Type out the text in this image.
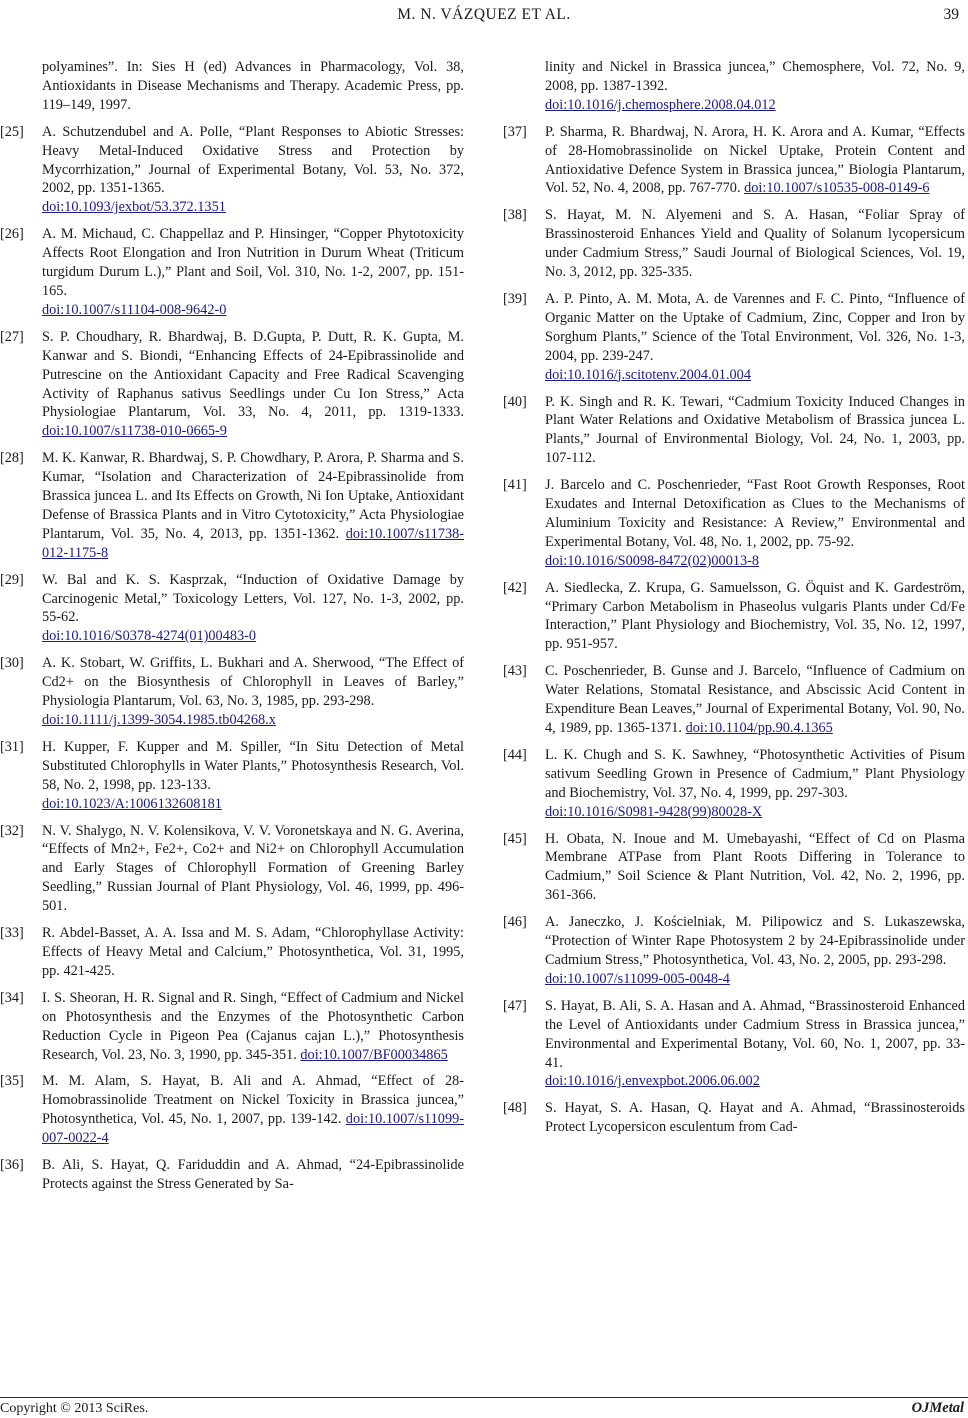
M. N. VÁZQUEZ ET AL.	39
polyamines”. In: Sies H (ed) Advances in Pharmacology, Vol. 38, Antioxidants in Disease Mechanisms and Therapy. Academic Press, pp. 119–149, 1997.
[25] A. Schutzendubel and A. Polle, “Plant Responses to Abiotic Stresses: Heavy Metal-Induced Oxidative Stress and Protection by Mycorrhization,” Journal of Experimental Botany, Vol. 53, No. 372, 2002, pp. 1351-1365.
doi:10.1093/jexbot/53.372.1351
[26] A. M. Michaud, C. Chappellaz and P. Hinsinger, “Copper Phytotoxicity Affects Root Elongation and Iron Nutrition in Durum Wheat (Triticum turgidum Durum L.),” Plant and Soil, Vol. 310, No. 1-2, 2007, pp. 151-165.
doi:10.1007/s11104-008-9642-0
[27] S. P. Choudhary, R. Bhardwaj, B. D.Gupta, P. Dutt, R. K. Gupta, M. Kanwar and S. Biondi, “Enhancing Effects of 24-Epibrassinolide and Putrescine on the Antioxidant Capacity and Free Radical Scavenging Activity of Raphanus sativus Seedlings under Cu Ion Stress,” Acta Physiologiae Plantarum, Vol. 33, No. 4, 2011, pp. 1319-1333. doi:10.1007/s11738-010-0665-9
[28] M. K. Kanwar, R. Bhardwaj, S. P. Chowdhary, P. Arora, P. Sharma and S. Kumar, “Isolation and Characterization of 24-Epibrassinolide from Brassica juncea L. and Its Effects on Growth, Ni Ion Uptake, Antioxidant Defense of Brassica Plants and in Vitro Cytotoxicity,” Acta Physiologiae Plantarum, Vol. 35, No. 4, 2013, pp. 1351-1362. doi:10.1007/s11738-012-1175-8
[29] W. Bal and K. S. Kasprzak, “Induction of Oxidative Damage by Carcinogenic Metal,” Toxicology Letters, Vol. 127, No. 1-3, 2002, pp. 55-62.
doi:10.1016/S0378-4274(01)00483-0
[30] A. K. Stobart, W. Griffits, L. Bukhari and A. Sherwood, “The Effect of Cd2+ on the Biosynthesis of Chlorophyll in Leaves of Barley,” Physiologia Plantarum, Vol. 63, No. 3, 1985, pp. 293-298.
doi:10.1111/j.1399-3054.1985.tb04268.x
[31] H. Kupper, F. Kupper and M. Spiller, “In Situ Detection of Metal Substituted Chlorophylls in Water Plants,” Photosynthesis Research, Vol. 58, No. 2, 1998, pp. 123-133.
doi:10.1023/A:1006132608181
[32] N. V. Shalygo, N. V. Kolensikova, V. V. Voronetskaya and N. G. Averina, “Effects of Mn2+, Fe2+, Co2+ and Ni2+ on Chlorophyll Accumulation and Early Stages of Chlorophyll Formation of Greening Barley Seedling,” Russian Journal of Plant Physiology, Vol. 46, 1999, pp. 496-501.
[33] R. Abdel-Basset, A. A. Issa and M. S. Adam, “Chlorophyllase Activity: Effects of Heavy Metal and Calcium,” Photosynthetica, Vol. 31, 1995, pp. 421-425.
[34] I. S. Sheoran, H. R. Signal and R. Singh, “Effect of Cadmium and Nickel on Photosynthesis and the Enzymes of the Photosynthetic Carbon Reduction Cycle in Pigeon Pea (Cajanus cajan L.),” Photosynthesis Research, Vol. 23, No. 3, 1990, pp. 345-351. doi:10.1007/BF00034865
[35] M. M. Alam, S. Hayat, B. Ali and A. Ahmad, “Effect of 28-Homobrassinolide Treatment on Nickel Toxicity in Brassica juncea,” Photosynthetica, Vol. 45, No. 1, 2007, pp. 139-142. doi:10.1007/s11099-007-0022-4
[36] B. Ali, S. Hayat, Q. Fariduddin and A. Ahmad, “24-Epibrassinolide Protects against the Stress Generated by Sa-
linity and Nickel in Brassica juncea,” Chemosphere, Vol. 72, No. 9, 2008, pp. 1387-1392.
doi:10.1016/j.chemosphere.2008.04.012
[37] P. Sharma, R. Bhardwaj, N. Arora, H. K. Arora and A. Kumar, “Effects of 28-Homobrassinolide on Nickel Uptake, Protein Content and Antioxidative Defence System in Brassica juncea,” Biologia Plantarum, Vol. 52, No. 4, 2008, pp. 767-770. doi:10.1007/s10535-008-0149-6
[38] S. Hayat, M. N. Alyemeni and S. A. Hasan, “Foliar Spray of Brassinosteroid Enhances Yield and Quality of Solanum lycopersicum under Cadmium Stress,” Saudi Journal of Biological Sciences, Vol. 19, No. 3, 2012, pp. 325-335.
[39] A. P. Pinto, A. M. Mota, A. de Varennes and F. C. Pinto, “Influence of Organic Matter on the Uptake of Cadmium, Zinc, Copper and Iron by Sorghum Plants,” Science of the Total Environment, Vol. 326, No. 1-3, 2004, pp. 239-247.
doi:10.1016/j.scitotenv.2004.01.004
[40] P. K. Singh and R. K. Tewari, “Cadmium Toxicity Induced Changes in Plant Water Relations and Oxidative Metabolism of Brassica juncea L. Plants,” Journal of Environmental Biology, Vol. 24, No. 1, 2003, pp. 107-112.
[41] J. Barcelo and C. Poschenrieder, “Fast Root Growth Responses, Root Exudates and Internal Detoxification as Clues to the Mechanisms of Aluminium Toxicity and Resistance: A Review,” Environmental and Experimental Botany, Vol. 48, No. 1, 2002, pp. 75-92.
doi:10.1016/S0098-8472(02)00013-8
[42] A. Siedlecka, Z. Krupa, G. Samuelsson, G. Öquist and K. Gardeström, “Primary Carbon Metabolism in Phaseolus vulgaris Plants under Cd/Fe Interaction,” Plant Physiology and Biochemistry, Vol. 35, No. 12, 1997, pp. 951-957.
[43] C. Poschenrieder, B. Gunse and J. Barcelo, “Influence of Cadmium on Water Relations, Stomatal Resistance, and Abscissic Acid Content in Expenditure Bean Leaves,” Journal of Experimental Botany, Vol. 90, No. 4, 1989, pp. 1365-1371. doi:10.1104/pp.90.4.1365
[44] L. K. Chugh and S. K. Sawhney, “Photosynthetic Activities of Pisum sativum Seedling Grown in Presence of Cadmium,” Plant Physiology and Biochemistry, Vol. 37, No. 4, 1999, pp. 297-303.
doi:10.1016/S0981-9428(99)80028-X
[45] H. Obata, N. Inoue and M. Umebayashi, “Effect of Cd on Plasma Membrane ATPase from Plant Roots Differing in Tolerance to Cadmium,” Soil Science & Plant Nutrition, Vol. 42, No. 2, 1996, pp. 361-366.
[46] A. Janeczko, J. Kościelniak, M. Pilipowicz and S. Lukaszewska, “Protection of Winter Rape Photosystem 2 by 24-Epibrassinolide under Cadmium Stress,” Photosynthetica, Vol. 43, No. 2, 2005, pp. 293-298.
doi:10.1007/s11099-005-0048-4
[47] S. Hayat, B. Ali, S. A. Hasan and A. Ahmad, “Brassinosteroid Enhanced the Level of Antioxidants under Cadmium Stress in Brassica juncea,” Environmental and Experimental Botany, Vol. 60, No. 1, 2007, pp. 33-41.
doi:10.1016/j.envexpbot.2006.06.002
[48] S. Hayat, S. A. Hasan, Q. Hayat and A. Ahmad, “Brassinosteroids Protect Lycopersicon esculentum from Cad-
Copyright © 2013 SciRes.	OJMetal
